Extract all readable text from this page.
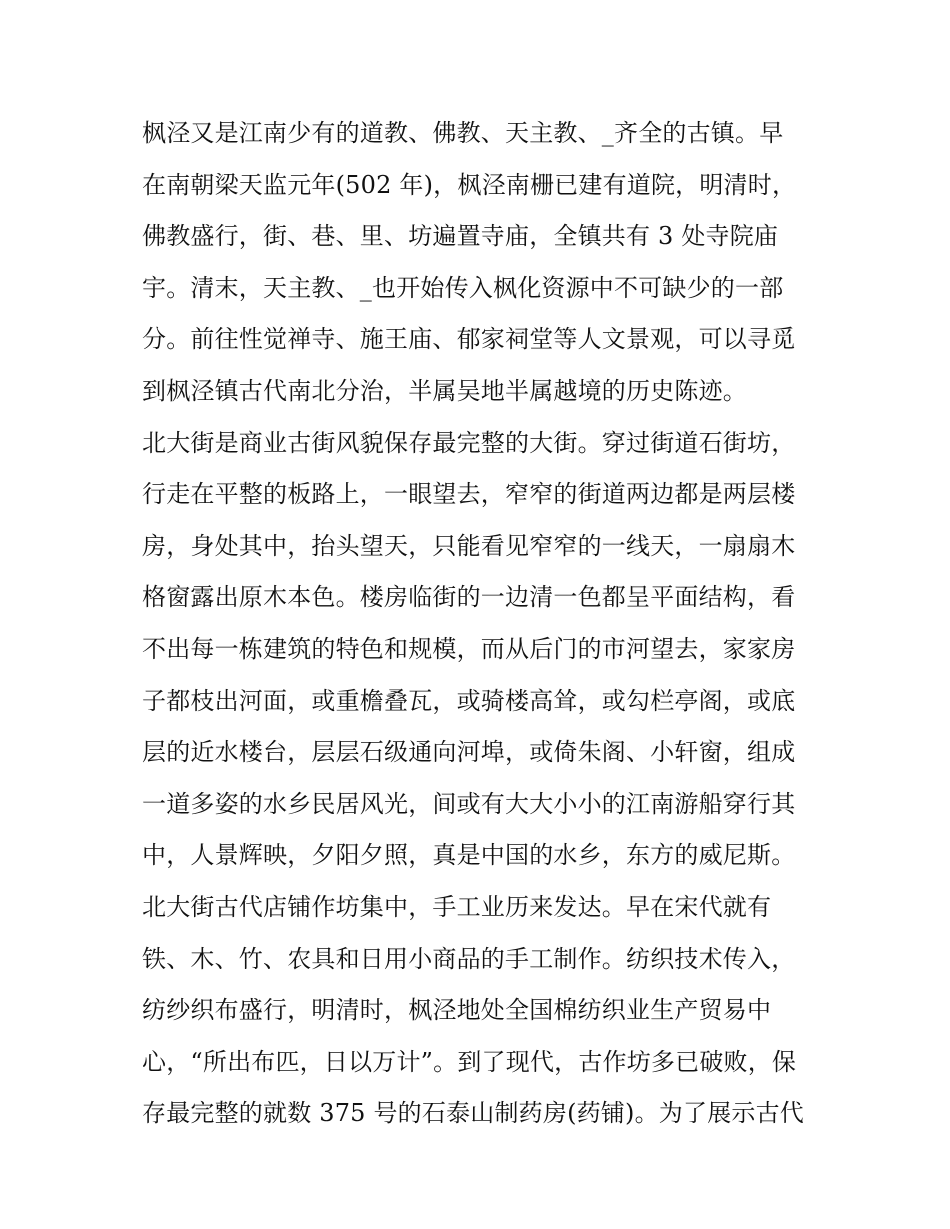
枫泾又是江南少有的道教、佛教、天主教、_齐全的古镇。早
在南朝梁天监元年(502 年)，枫泾南栅已建有道院，明清时，
佛教盛行，街、巷、里、坊遍置寺庙，全镇共有 3 处寺院庙
宇。清末，天主教、_也开始传入枫化资源中不可缺少的一部
分。前往性觉禅寺、施王庙、郁家祠堂等人文景观，可以寻觅
到枫泾镇古代南北分治，半属吴地半属越境的历史陈迹。
北大街是商业古街风貌保存最完整的大街。穿过街道石街坊，
行走在平整的板路上，一眼望去，窄窄的街道两边都是两层楼
房，身处其中，抬头望天，只能看见窄窄的一线天，一扇扇木
格窗露出原木本色。楼房临街的一边清一色都呈平面结构，看
不出每一栋建筑的特色和规模，而从后门的市河望去，家家房
子都枝出河面，或重檐叠瓦，或骑楼高耸，或勾栏亭阁，或底
层的近水楼台，层层石级通向河埠，或倚朱阁、小轩窗，组成
一道多姿的水乡民居风光，间或有大大小小的江南游船穿行其
中，人景辉映，夕阳夕照，真是中国的水乡，东方的威尼斯。
北大街古代店铺作坊集中，手工业历来发达。早在宋代就有
铁、木、竹、农具和日用小商品的手工制作。纺织技术传入，
纺纱织布盛行，明清时，枫泾地处全国棉纺织业生产贸易中
心，“所出布匹，日以万计”。到了现代，古作坊多已破败，保
存最完整的就数 375 号的石泰山制药房(药铺)。为了展示古代
